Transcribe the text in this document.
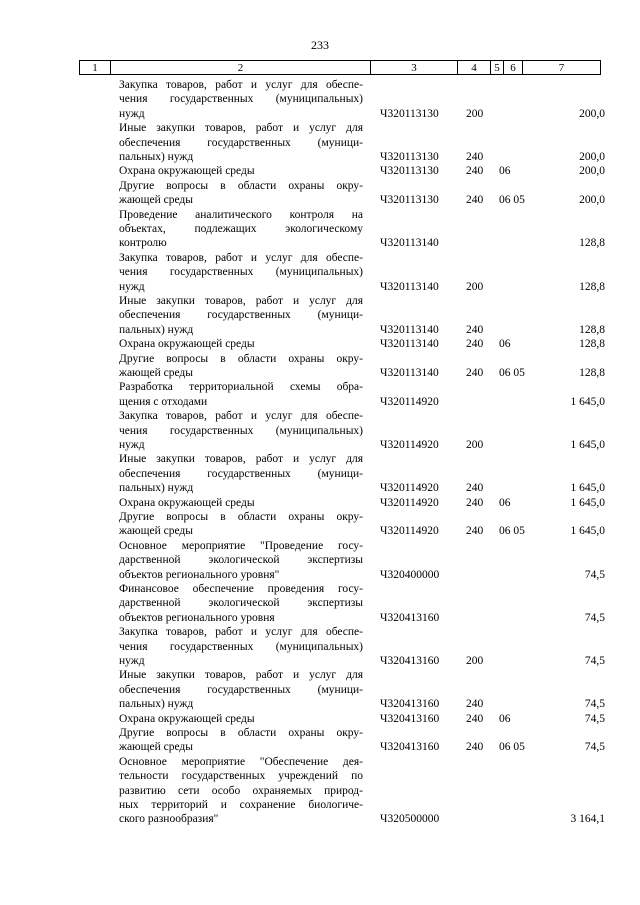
233
1	2	3	4	5	6	7
Закупка товаров, работ и услуг для обеспе-
чения государственных (муниципальных)
нужд	Ч320113130 200	200,0
Иные закупки товаров, работ и услуг для
обеспечения государственных (муници-
пальных) нужд	Ч320113130 240	200,0
Охрана окружающей среды	Ч320113130 240 06	200,0
Другие вопросы в области охраны окру-
жающей среды	Ч320113130 240 06 05	200,0
Проведение аналитического контроля на
объектах, подлежащих экологическому
контролю	Ч320113140	128,8
Закупка товаров, работ и услуг для обеспе-
чения государственных (муниципальных)
нужд	Ч320113140 200	128,8
Иные закупки товаров, работ и услуг для
обеспечения государственных (муници-
пальных) нужд	Ч320113140 240	128,8
Охрана окружающей среды	Ч320113140 240 06	128,8
Другие вопросы в области охраны окру-
жающей среды	Ч320113140 240 06 05	128,8
Разработка территориальной схемы обра-
щения с отходами	Ч320114920	1 645,0
Закупка товаров, работ и услуг для обеспе-
чения государственных (муниципальных)
нужд	Ч320114920 200	1 645,0
Иные закупки товаров, работ и услуг для
обеспечения государственных (муници-
пальных) нужд	Ч320114920 240	1 645,0
Охрана окружающей среды	Ч320114920 240 06	1 645,0
Другие вопросы в области охраны окру-
жающей среды	Ч320114920 240 06 05	1 645,0
Основное мероприятие "Проведение госу-
дарственной экологической экспертизы
объектов регионального уровня"	Ч320400000	74,5
Финансовое обеспечение проведения госу-
дарственной экологической экспертизы
объектов регионального уровня	Ч320413160	74,5
Закупка товаров, работ и услуг для обеспе-
чения государственных (муниципальных)
нужд	Ч320413160 200	74,5
Иные закупки товаров, работ и услуг для
обеспечения государственных (муници-
пальных) нужд	Ч320413160 240	74,5
Охрана окружающей среды	Ч320413160 240 06	74,5
Другие вопросы в области охраны окру-
жающей среды	Ч320413160 240 06 05	74,5
Основное мероприятие "Обеспечение дея-
тельности государственных учреждений по
развитию сети особо охраняемых природ-
ных территорий и сохранение биологиче-
ского разнообразия"	Ч320500000	3 164,1
